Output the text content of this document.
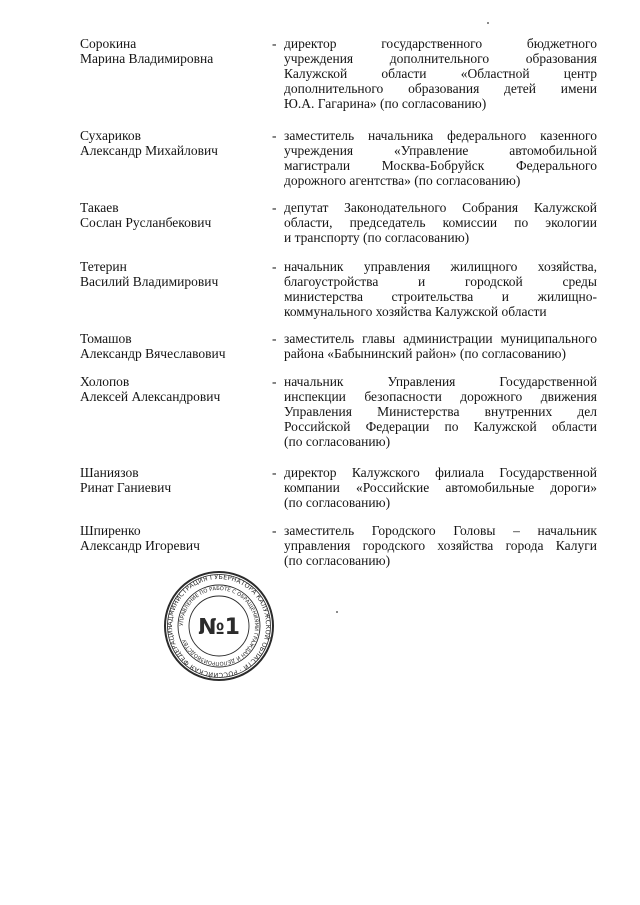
Сорокина
Марина Владимировна
- директор государственного бюджетного
учреждения дополнительного образования
Калужской области «Областной центр
дополнительного образования детей имени
Ю.А. Гагарина» (по согласованию)
Сухариков
Александр Михайлович
- заместитель начальника федерального казенного
учреждения «Управление автомобильной
магистрали Москва-Бобруйск Федерального
дорожного агентства» (по согласованию)
Такаев
Сослан Русланбекович
- депутат Законодательного Собрания Калужской
области, председатель комиссии по экологии
и транспорту (по согласованию)
Тетерин
Василий Владимирович
- начальник управления жилищного хозяйства,
благоустройства и городской среды
министерства строительства и жилищно-
коммунального хозяйства Калужской области
Томашов
Александр Вячеславович
- заместитель главы администрации муниципального
района «Бабынинский район» (по согласованию)
Холопов
Алексей Александрович
- начальник Управления Государственной
инспекции безопасности дорожного движения
Управления Министерства внутренних дел
Российской Федерации по Калужской области
(по согласованию)
Шаниязов
Ринат Ганиевич
- директор Калужского филиала Государственной
компании «Российские автомобильные дороги»
(по согласованию)
Шпиренко
Александр Игоревич
- заместитель Городского Головы – начальник
управления городского хозяйства города Калуги
(по согласованию)
АДМИНИСТРАЦИЯ ГУБЕРНАТОРА КАЛУЖСКОЙ ОБЛАСТИ · РОССИЙСКАЯ ФЕДЕРАЦИЯ
УПРАВЛЕНИЕ ПО РАБОТЕ С ОБРАЩЕНИЯМИ ГРАЖДАН И ДЕЛОПРОИЗВОДСТВУ
№1
